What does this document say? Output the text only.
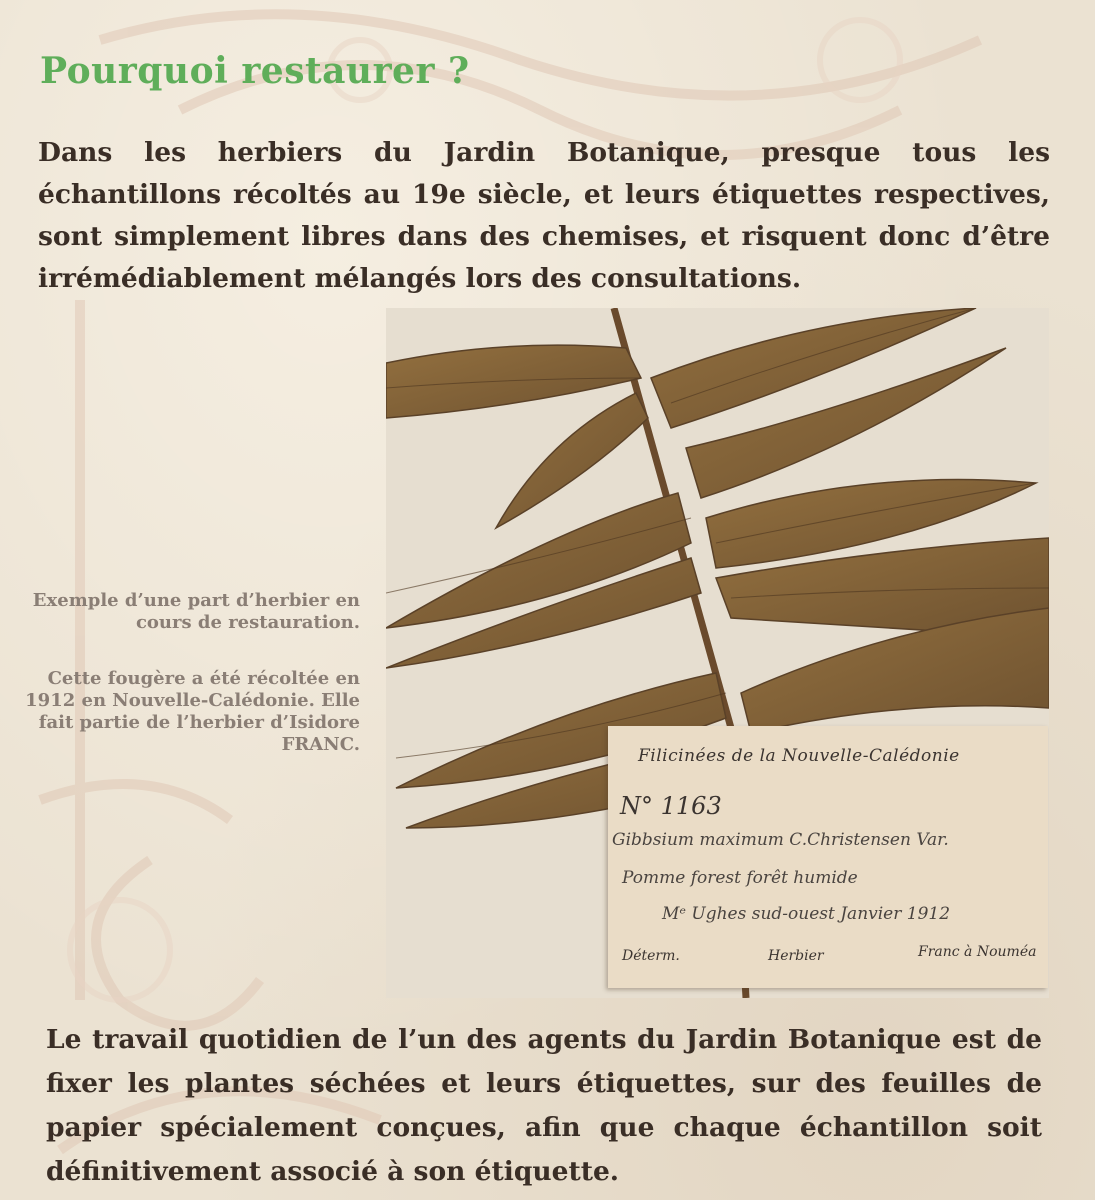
Pourquoi restaurer ?

Dans les herbiers du Jardin Botanique, presque tous les échantillons récoltés au 19e siècle, et leurs étiquettes respectives, sont simplement libres dans des chemises, et risquent donc d’être irrémédiablement mélangés lors des consultations.

Filicinées de la Nouvelle-Calédonie

N° 1163

Gibbsium maximum C.Christensen Var.

Pomme forest forêt humide

Mᵉ Ughes sud-ouest Janvier 1912

Déterm.	Herbier	Franc à Nouméa

Exemple d’une part d’herbier en cours de restauration.

Cette fougère a été récoltée en 1912 en Nouvelle-Calédonie. Elle fait partie de l’herbier d’Isidore FRANC.

Le travail quotidien de l’un des agents du Jardin Botanique est de fixer les plantes séchées et leurs étiquettes, sur des feuilles de papier spécialement conçues, afin que chaque échantillon soit définitivement associé à son étiquette.
